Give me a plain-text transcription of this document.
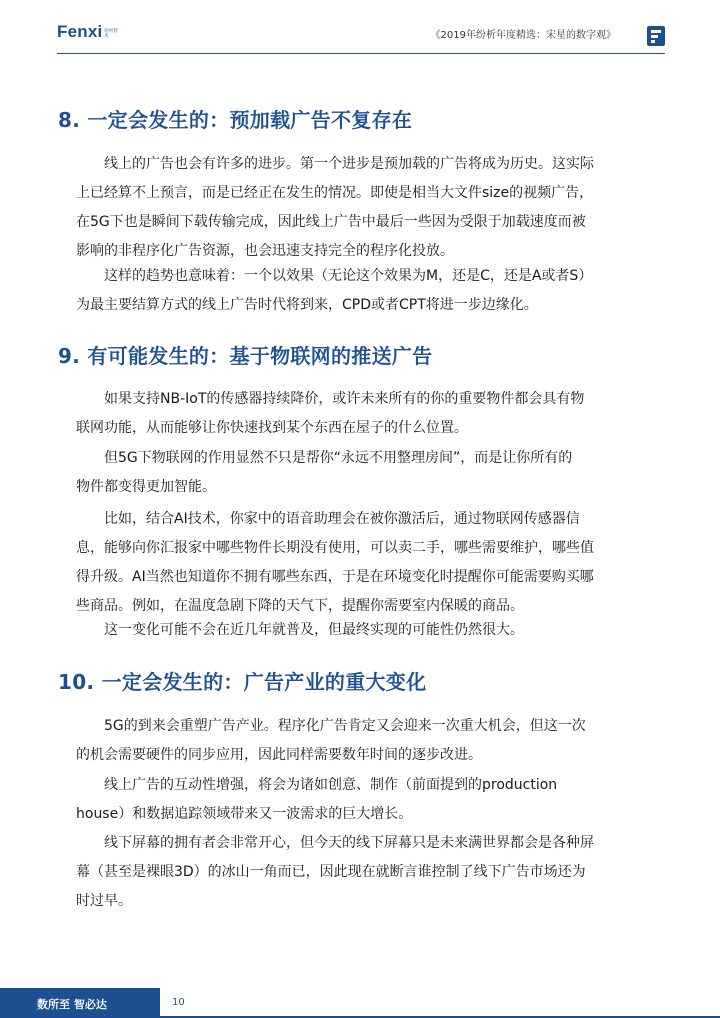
Fenxi 纷析智库	《2019年纷析年度精选：宋星的数字观》
8. 一定会发生的：预加载广告不复存在
线上的广告也会有许多的进步。第一个进步是预加载的广告将成为历史。这实际
上已经算不上预言，而是已经正在发生的情况。即使是相当大文件size的视频广告，
在5G下也是瞬间下载传输完成，因此线上广告中最后一些因为受限于加载速度而被
影响的非程序化广告资源，也会迅速支持完全的程序化投放。
这样的趋势也意味着：一个以效果（无论这个效果为M，还是C，还是A或者S）
为最主要结算方式的线上广告时代将到来，CPD或者CPT将进一步边缘化。
9. 有可能发生的：基于物联网的推送广告
如果支持NB-IoT的传感器持续降价，或许未来所有的你的重要物件都会具有物
联网功能，从而能够让你快速找到某个东西在屋子的什么位置。
但5G下物联网的作用显然不只是帮你“永远不用整理房间”，而是让你所有的
物件都变得更加智能。
比如，结合AI技术，你家中的语音助理会在被你激活后，通过物联网传感器信
息，能够向你汇报家中哪些物件长期没有使用，可以卖二手，哪些需要维护，哪些值
得升级。AI当然也知道你不拥有哪些东西，于是在环境变化时提醒你可能需要购买哪
些商品。例如，在温度急剧下降的天气下，提醒你需要室内保暖的商品。
这一变化可能不会在近几年就普及，但最终实现的可能性仍然很大。
10. 一定会发生的：广告产业的重大变化
5G的到来会重塑广告产业。程序化广告肯定又会迎来一次重大机会，但这一次
的机会需要硬件的同步应用，因此同样需要数年时间的逐步改进。
线上广告的互动性增强，将会为诸如创意、制作（前面提到的production
house）和数据追踪领域带来又一波需求的巨大增长。
线下屏幕的拥有者会非常开心，但今天的线下屏幕只是未来满世界都会是各种屏
幕（甚至是裸眼3D）的冰山一角而已，因此现在就断言谁控制了线下广告市场还为
时过早。
数所至 智必达	10
